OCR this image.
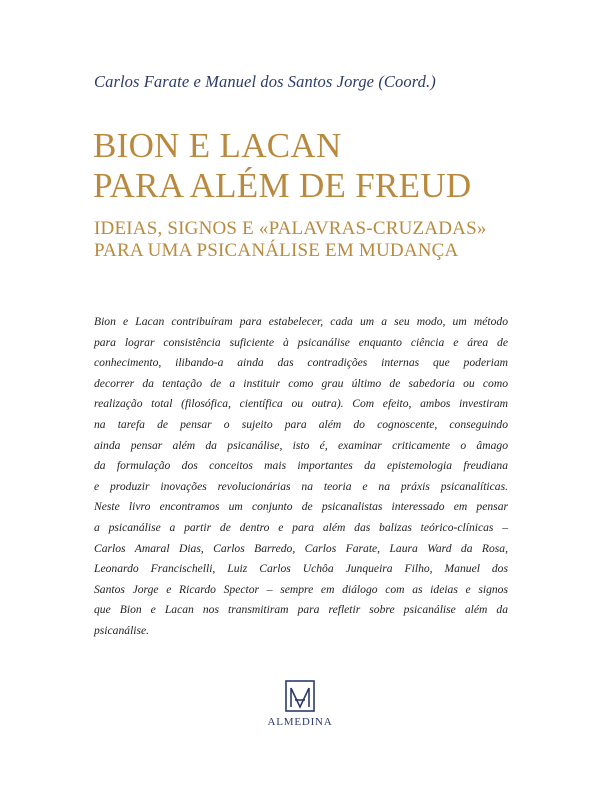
Carlos Farate e Manuel dos Santos Jorge (Coord.)
BION E LACAN
PARA ALÉM DE FREUD
IDEIAS, SIGNOS E «PALAVRAS-CRUZADAS»
PARA UMA PSICANÁLISE EM MUDANÇA
Bion e Lacan contribuíram para estabelecer, cada um a seu modo, um método
para lograr consistência suficiente à psicanálise enquanto ciência e área de
conhecimento, ilibando-a ainda das contradições internas que poderiam
decorrer da tentação de a instituir como grau último de sabedoria ou como
realização total (filosófica, científica ou outra). Com efeito, ambos investiram
na tarefa de pensar o sujeito para além do cognoscente, conseguindo
ainda pensar além da psicanálise, isto é, examinar criticamente o âmago
da formulação dos conceitos mais importantes da epistemologia freudiana
e produzir inovações revolucionárias na teoria e na práxis psicanalíticas.
Neste livro encontramos um conjunto de psicanalistas interessado em pensar
a psicanálise a partir de dentro e para além das balizas teórico-clínicas –
Carlos Amaral Dias, Carlos Barredo, Carlos Farate, Laura Ward da Rosa,
Leonardo Francischelli, Luiz Carlos Uchôa Junqueira Filho, Manuel dos
Santos Jorge e Ricardo Spector – sempre em diálogo com as ideias e signos
que Bion e Lacan nos transmitiram para refletir sobre psicanálise além da
psicanálise.
ALMEDINA
